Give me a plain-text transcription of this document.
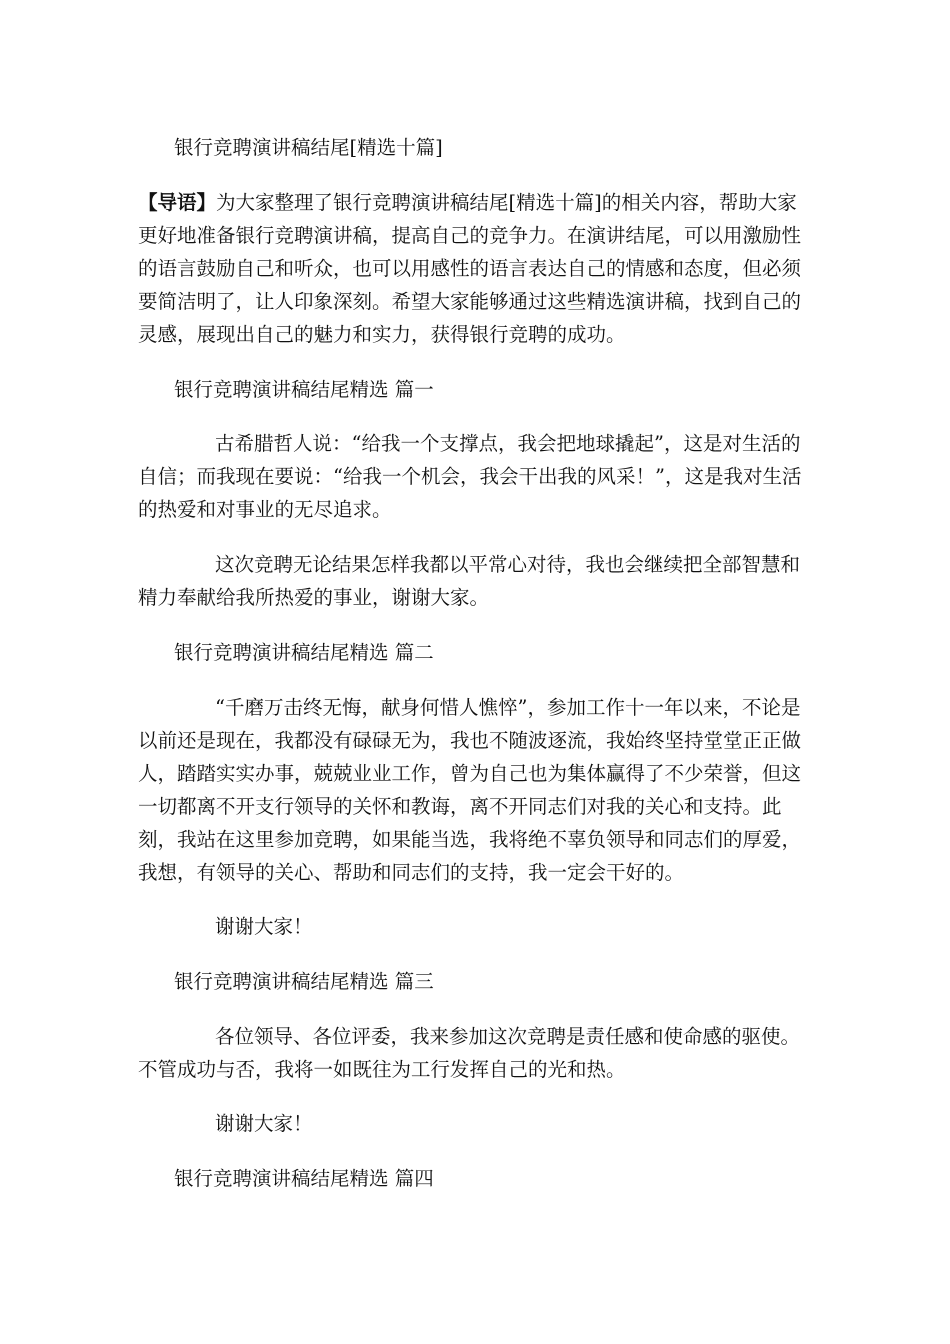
银行竞聘演讲稿结尾[精选十篇]

【导语】为大家整理了银行竞聘演讲稿结尾[精选十篇]的相关内容，帮助大家更好地准备银行竞聘演讲稿，提高自己的竞争力。在演讲结尾，可以用激励性的语言鼓励自己和听众，也可以用感性的语言表达自己的情感和态度，但必须要简洁明了，让人印象深刻。希望大家能够通过这些精选演讲稿，找到自己的灵感，展现出自己的魅力和实力，获得银行竞聘的成功。

银行竞聘演讲稿结尾精选 篇一

古希腊哲人说：“给我一个支撑点，我会把地球撬起”，这是对生活的自信；而我现在要说：“给我一个机会，我会干出我的风采！”，这是我对生活的热爱和对事业的无尽追求。

这次竞聘无论结果怎样我都以平常心对待，我也会继续把全部智慧和精力奉献给我所热爱的事业，谢谢大家。

银行竞聘演讲稿结尾精选 篇二

“千磨万击终无悔，献身何惜人憔悴”，参加工作十一年以来，不论是以前还是现在，我都没有碌碌无为，我也不随波逐流，我始终坚持堂堂正正做人，踏踏实实办事，兢兢业业工作，曾为自己也为集体赢得了不少荣誉，但这一切都离不开支行领导的关怀和教诲，离不开同志们对我的关心和支持。此刻，我站在这里参加竞聘，如果能当选，我将绝不辜负领导和同志们的厚爱，我想，有领导的关心、帮助和同志们的支持，我一定会干好的。

谢谢大家！

银行竞聘演讲稿结尾精选 篇三

各位领导、各位评委，我来参加这次竞聘是责任感和使命感的驱使。不管成功与否，我将一如既往为工行发挥自己的光和热。

谢谢大家！

银行竞聘演讲稿结尾精选 篇四
